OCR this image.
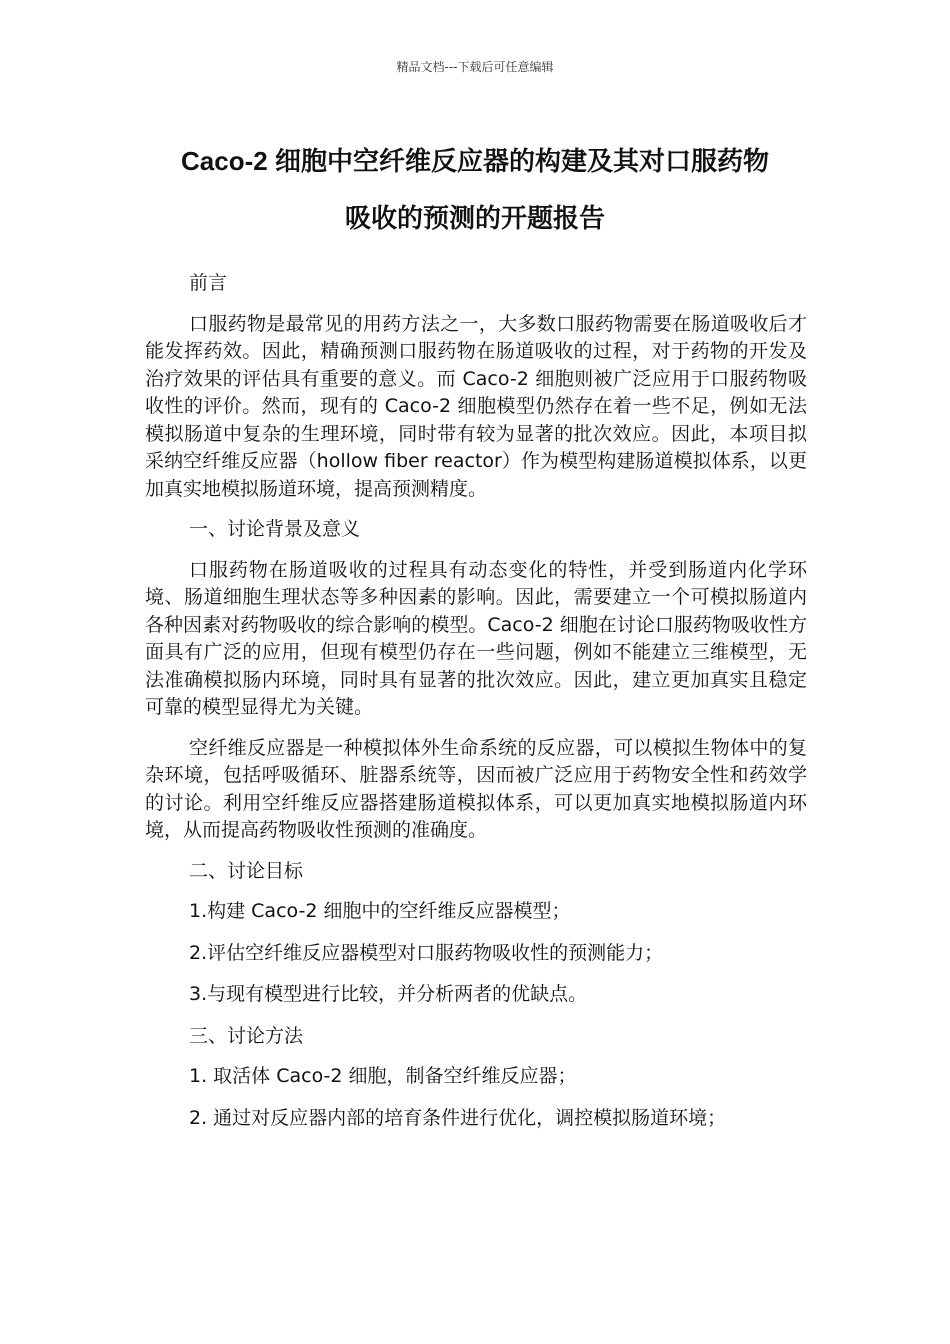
精品文档---下载后可任意编辑
Caco-2 细胞中空纤维反应器的构建及其对口服药物
吸收的预测的开题报告
前言
口服药物是最常见的用药方法之一，大多数口服药物需要在肠道吸收后才能发挥药效。因此，精确预测口服药物在肠道吸收的过程，对于药物的开发及治疗效果的评估具有重要的意义。而 Caco-2 细胞则被广泛应用于口服药物吸收性的评价。然而，现有的 Caco-2 细胞模型仍然存在着一些不足，例如无法模拟肠道中复杂的生理环境，同时带有较为显著的批次效应。因此，本项目拟采纳空纤维反应器（hollow fiber reactor）作为模型构建肠道模拟体系，以更加真实地模拟肠道环境，提高预测精度。
一、讨论背景及意义
口服药物在肠道吸收的过程具有动态变化的特性，并受到肠道内化学环境、肠道细胞生理状态等多种因素的影响。因此，需要建立一个可模拟肠道内各种因素对药物吸收的综合影响的模型。Caco-2 细胞在讨论口服药物吸收性方面具有广泛的应用，但现有模型仍存在一些问题，例如不能建立三维模型，无法准确模拟肠内环境，同时具有显著的批次效应。因此，建立更加真实且稳定可靠的模型显得尤为关键。
空纤维反应器是一种模拟体外生命系统的反应器，可以模拟生物体中的复杂环境，包括呼吸循环、脏器系统等，因而被广泛应用于药物安全性和药效学的讨论。利用空纤维反应器搭建肠道模拟体系，可以更加真实地模拟肠道内环境，从而提高药物吸收性预测的准确度。
二、讨论目标
1.构建 Caco-2 细胞中的空纤维反应器模型；
2.评估空纤维反应器模型对口服药物吸收性的预测能力；
3.与现有模型进行比较，并分析两者的优缺点。
三、讨论方法
1. 取活体 Caco-2 细胞，制备空纤维反应器；
2. 通过对反应器内部的培育条件进行优化，调控模拟肠道环境；
